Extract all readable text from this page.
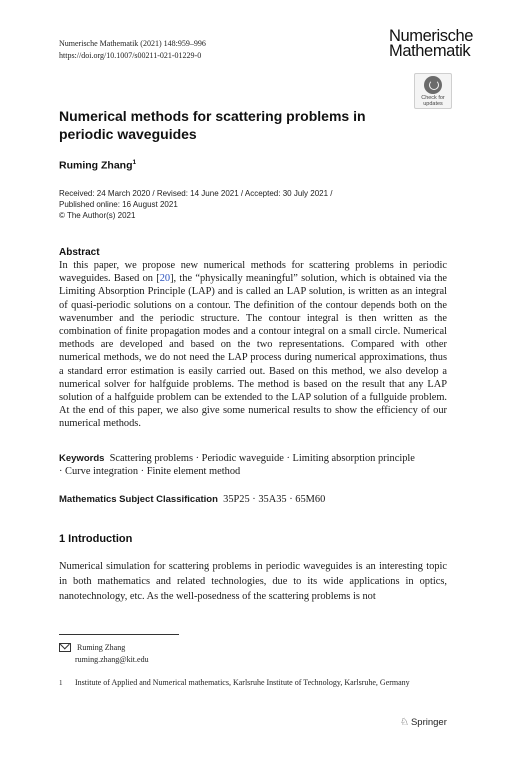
Numerische Mathematik (2021) 148:959–996
https://doi.org/10.1007/s00211-021-01229-0
Numerische
Mathematik
Check for
updates
Numerical methods for scattering problems in periodic waveguides
Ruming Zhang$^1$
Received: 24 March 2020 / Revised: 14 June 2021 / Accepted: 30 July 2021 /
Published online: 16 August 2021
© The Author(s) 2021
Abstract

In this paper, we propose new numerical methods for scattering problems in periodic waveguides. Based on [20], the “physically meaningful” solution, which is obtained via the Limiting Absorption Principle (LAP) and is called an LAP solution, is written as an integral of quasi-periodic solutions on a contour. The definition of the contour depends both on the wavenumber and the periodic structure. The contour integral is then written as the combination of finite propagation modes and a contour integral on a small circle. Numerical methods are developed and based on the two representations. Compared with other numerical methods, we do not need the LAP process during numerical approximations, thus a standard error estimation is easily carried out. Based on this method, we also develop a numerical solver for halfguide problems. The method is based on the result that any LAP solution of a halfguide problem can be extended to the LAP solution of a fullguide problem. At the end of this paper, we also give some numerical results to show the efficiency of our numerical methods.

Keywords Scattering problems · Periodic waveguide · Limiting absorption principle · Curve integration · Finite element method
Mathematics Subject Classification 35P25 · 35A35 · 65M60
1 Introduction

Numerical simulation for scattering problems in periodic waveguides is an interesting topic in both mathematics and related technologies, due to its wide applications in optics, nanotechnology, etc. As the well-posedness of the scattering problems is not

Ruming Zhang
ruming.zhang@kit.edu
1 Institute of Applied and Numerical mathematics, Karlsruhe Institute of Technology, Karlsruhe, Germany
♘ Springer
